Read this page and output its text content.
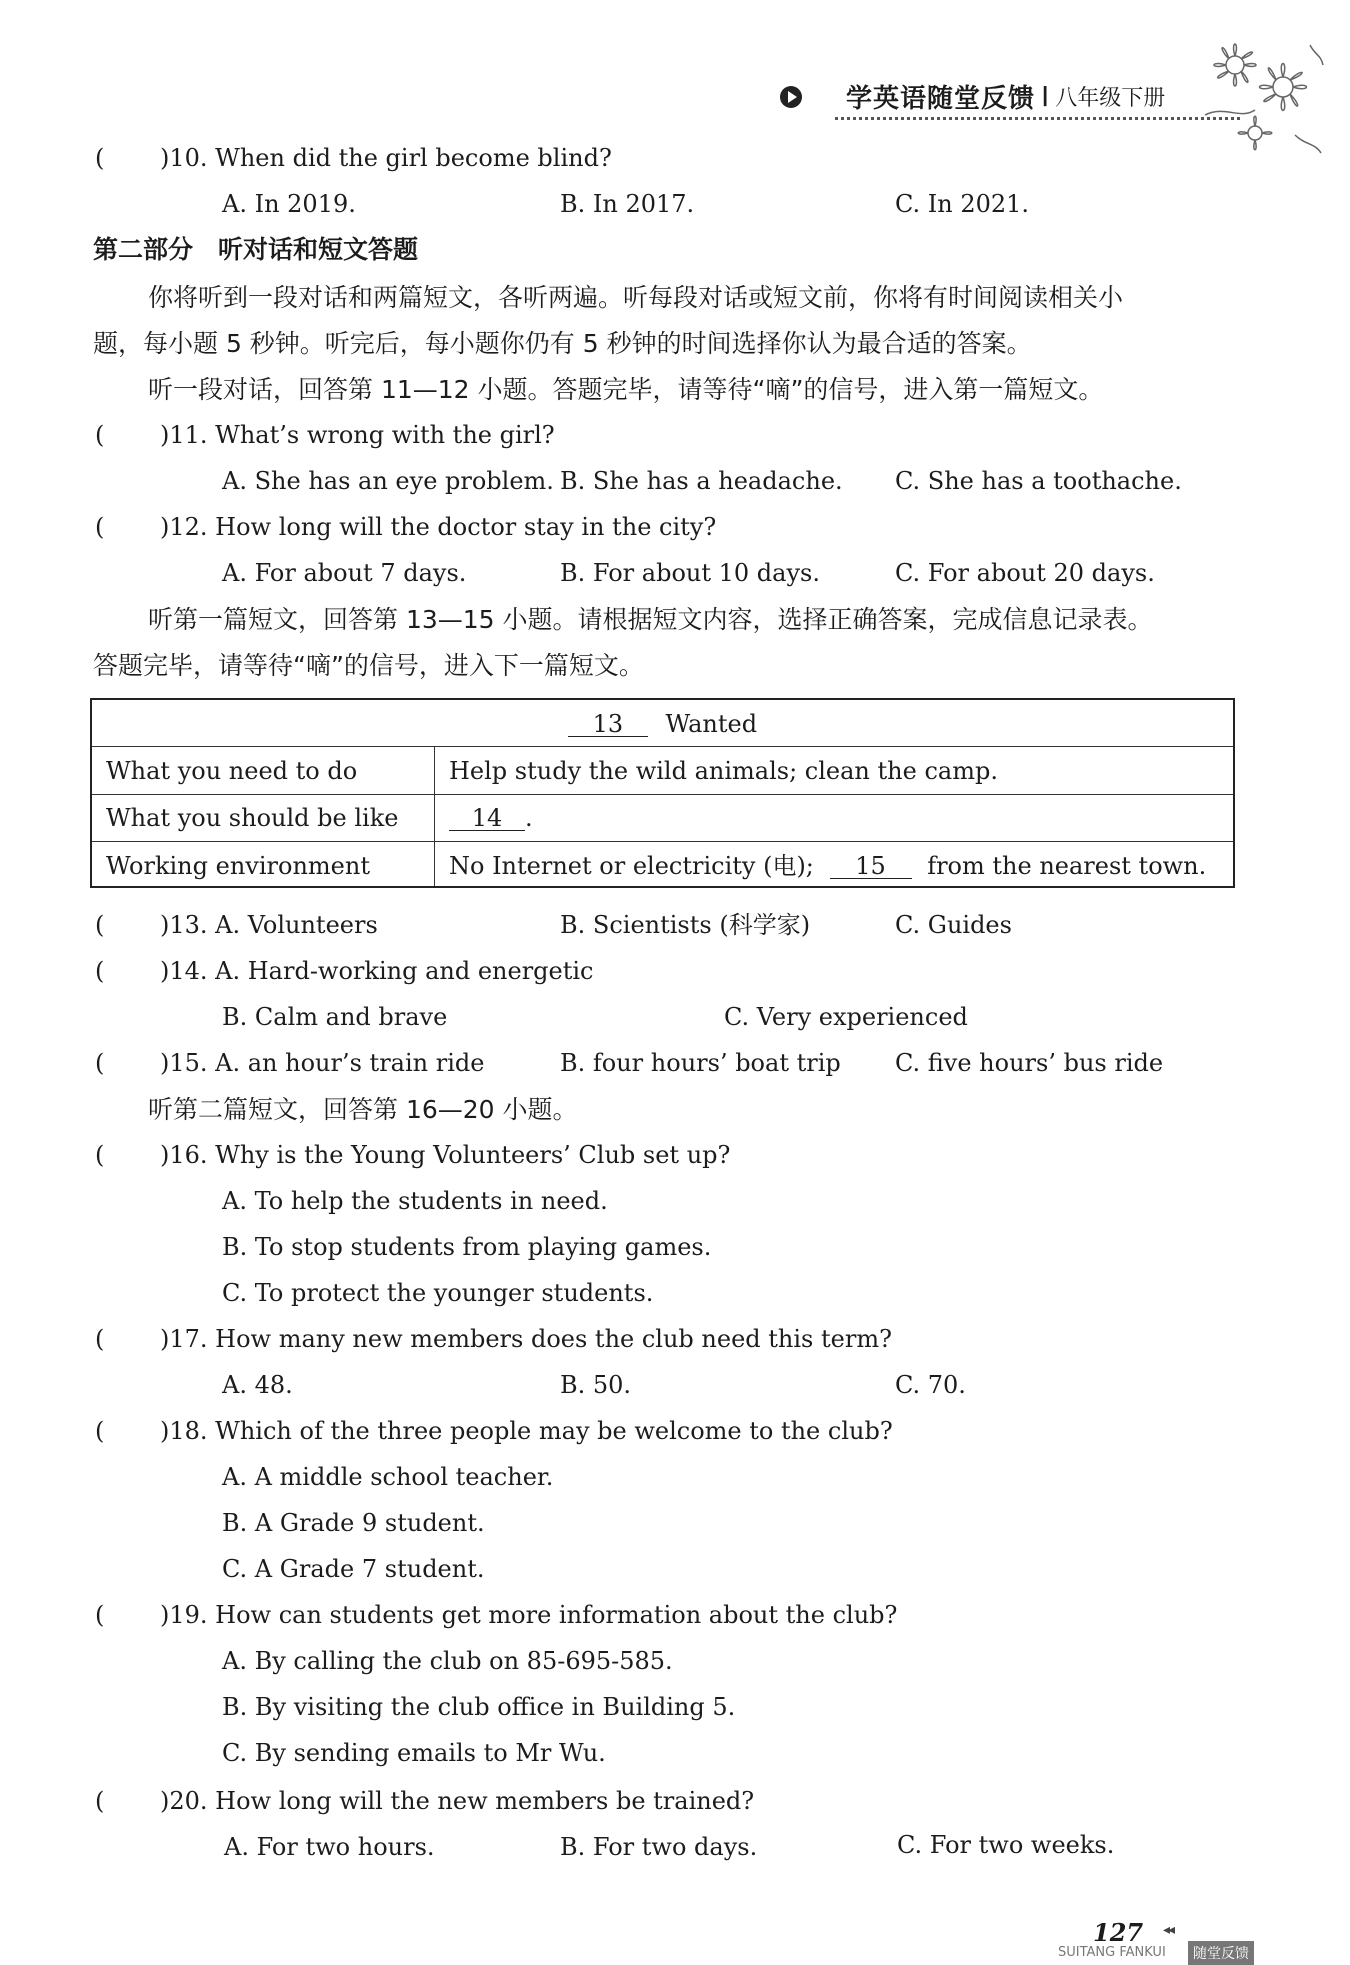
学英语随堂反馈 I 八年级下册
( )10. When did the girl become blind?
A. In 2019.	B. In 2017.	C. In 2021.
第二部分　听对话和短文答题
你将听到一段对话和两篇短文，各听两遍。听每段对话或短文前，你将有时间阅读相关小
题，每小题 5 秒钟。听完后，每小题你仍有 5 秒钟的时间选择你认为最合适的答案。
听一段对话，回答第 11—12 小题。答题完毕，请等待“嘀”的信号，进入第一篇短文。
( )11. What’s wrong with the girl?
A. She has an eye problem. B. She has a headache. C. She has a toothache.
( )12. How long will the doctor stay in the city?
A. For about 7 days.	B. For about 10 days.	C. For about 20 days.
听第一篇短文，回答第 13—15 小题。请根据短文内容，选择正确答案，完成信息记录表。
答题完毕，请等待“嘀”的信号，进入下一篇短文。
13 Wanted
What you need to do	Help study the wild animals; clean the camp.
What you should be like	14 .
Working environment	No Internet or electricity (电); 15 from the nearest town.
( )13. A. Volunteers	B. Scientists (科学家)	C. Guides
( )14. A. Hard-working and energetic
B. Calm and brave	C. Very experienced
( )15. A. an hour’s train ride	B. four hours’ boat trip C. five hours’ bus ride
听第二篇短文，回答第 16—20 小题。
( )16. Why is the Young Volunteers’ Club set up?
A. To help the students in need.
B. To stop students from playing games.
C. To protect the younger students.
( )17. How many new members does the club need this term?
A. 48.	B. 50.	C. 70.
( )18. Which of the three people may be welcome to the club?
A. A middle school teacher.
B. A Grade 9 student.
C. A Grade 7 student.
( )19. How can students get more information about the club?
A. By calling the club on 85-695-585.
B. By visiting the club office in Building 5.
C. By sending emails to Mr Wu.
( )20. How long will the new members be trained?
A. For two hours.	B. For two days.	C. For two weeks.
127 ◂◂
SUITANG FANKUI	随堂反馈
